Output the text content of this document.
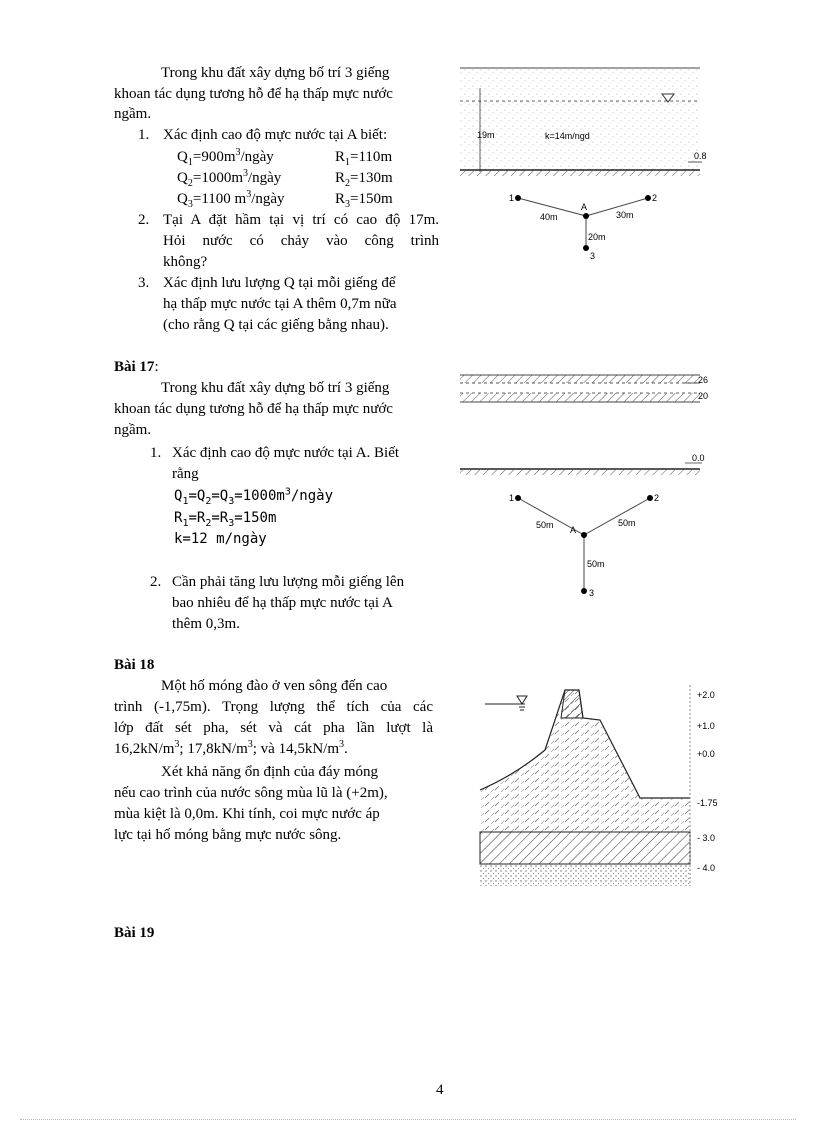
Trong khu đất xây dựng bố trí 3 giếng
khoan tác dụng tương hỗ để hạ thấp mực nước
ngầm.
1. Xác định cao độ mực nước tại A biết:
$Q_1=900m^3$/ngày	$R_1=110m$
$Q_2=1000m^3$/ngày	$R_2=130m$
$Q_3=1100$ $m^3$/ngày	$R_3=150m$
2. Tại A đặt hầm tại vị trí có cao độ 17m.
Hỏi nước có chảy vào công trình
không?
3. Xác định lưu lượng Q tại mỗi giếng để
hạ thấp mực nước tại A thêm 0,7m nữa
(cho rằng Q tại các giếng bằng nhau).
19m	k=14m/ngd
0.8
1	2
A
3
40m	30m
20m
Bài 17:
Trong khu đất xây dựng bố trí 3 giếng
khoan tác dụng tương hỗ để hạ thấp mực nước
ngầm.
1. Xác định cao độ mực nước tại A. Biết
rằng
$Q_1=Q_2=Q_3=1000m^3$/ngày
$R_1=R_2=R_3=150m$
k=12 m/ngày
2. Cần phải tăng lưu lượng mỗi giếng lên
bao nhiêu để hạ thấp mực nước tại A
thêm 0,3m.
26
20
0.0
1	2
A
3
50m	50m
50m
Bài 18
Một hố móng đào ở ven sông đến cao
trình (-1,75m). Trọng lượng thể tích của các
lớp đất sét pha, sét và cát pha lần lượt là
$16,2kN/m^3$; $17,8kN/m^3$; và $14,5kN/m^3$.
Xét khả năng ổn định của đáy móng
nếu cao trình của nước sông mùa lũ là (+2m),
mùa kiệt là 0,0m. Khi tính, coi mực nước áp
lực tại hố móng bằng mực nước sông.
+2.0
+1.0
+0.0
-1.75
- 3.0
- 4.0
Bài 19
4
